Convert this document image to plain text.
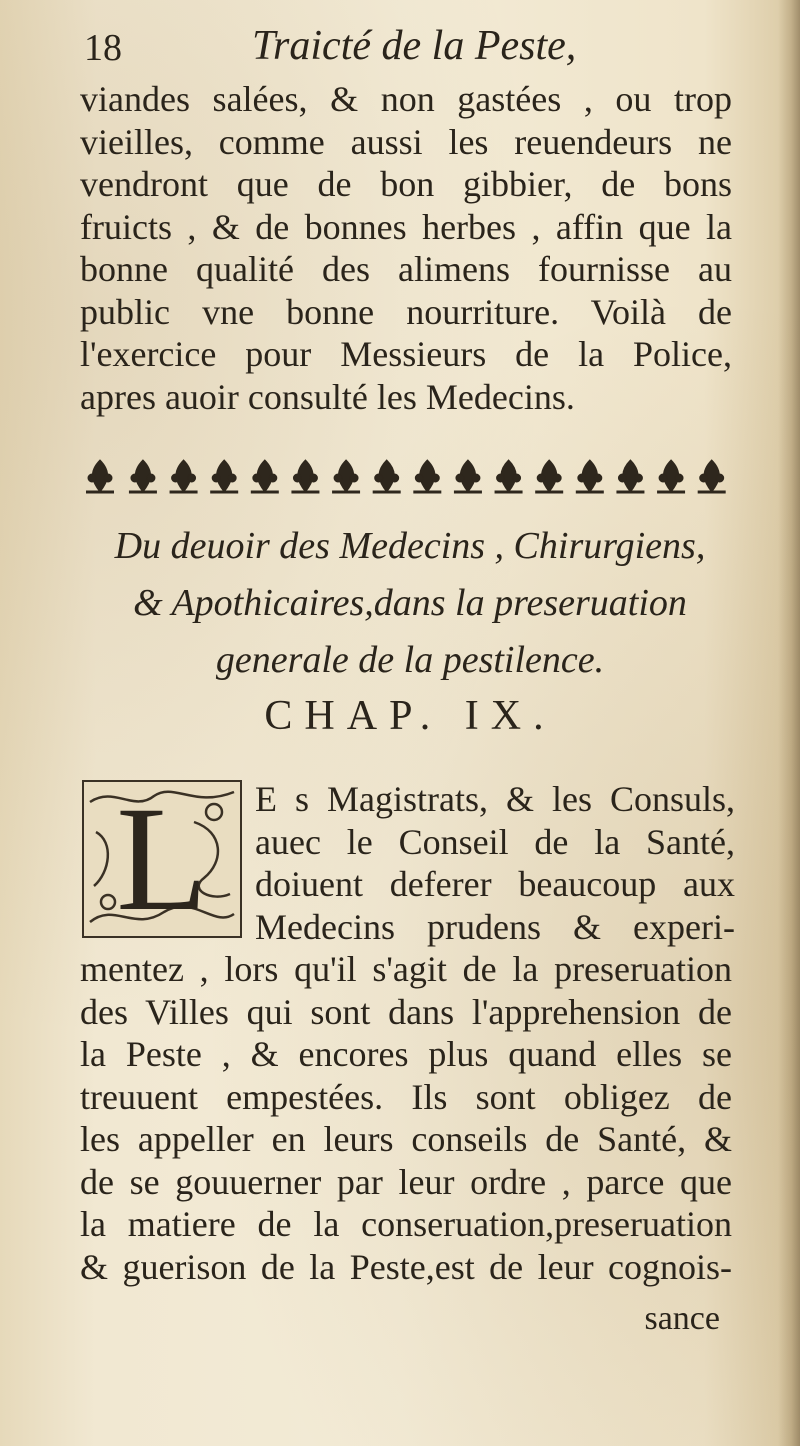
18	Traicté de la Peste,
viandes salées, & non gastées , ou trop
vieilles, comme aussi les reuendeurs ne
vendront que de bon gibbier, de bons
fruicts , & de bonnes herbes , affin que la
bonne qualité des alimens fournisse au
public vne bonne nourriture. Voilà de
l'exercice pour Messieurs de la Police,
apres auoir consulté les Medecins.
Du deuoir des Medecins , Chirurgiens,
& Apothicaires,dans la preseruation
generale de la pestilence.
CHAP. IX.
L	E s Magistrats, & les Consuls,
auec le Conseil de la Santé,
doiuent deferer beaucoup aux
Medecins prudens & experi-
mentez , lors qu'il s'agit de la preseruation
des Villes qui sont dans l'apprehension de
la Peste , & encores plus quand elles se
treuuent empestées. Ils sont obligez de
les appeller en leurs conseils de Santé, &
de se gouuerner par leur ordre , parce que
la matiere de la conseruation,preseruation
& guerison de la Peste,est de leur cognois-
sance
